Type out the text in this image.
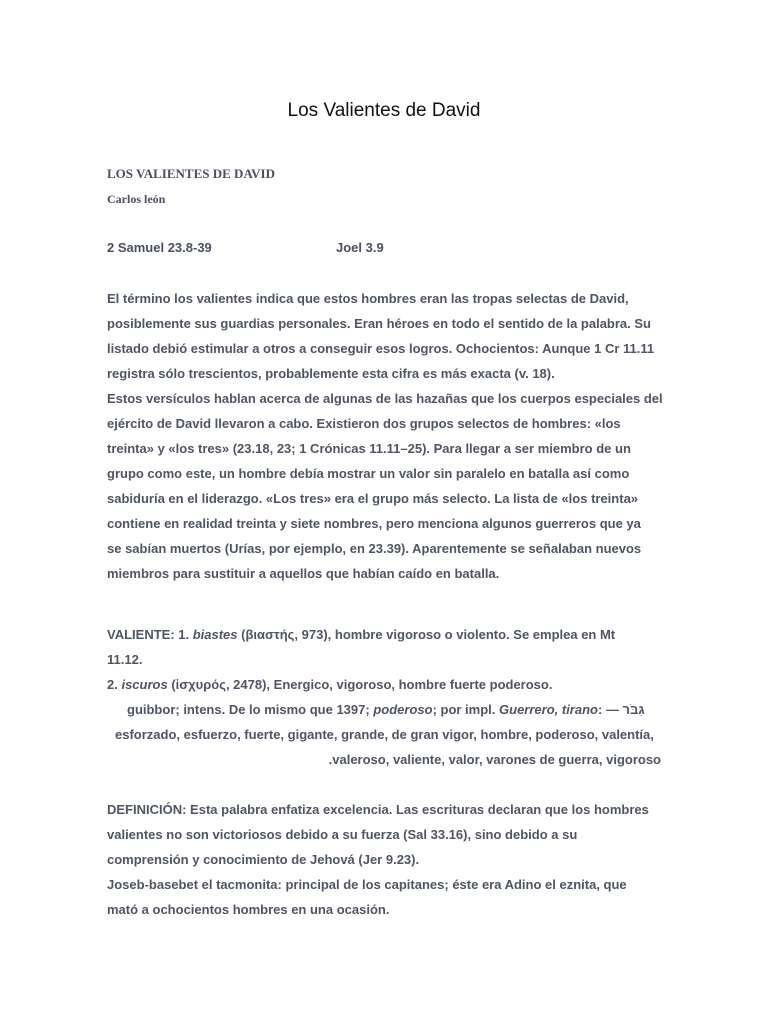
Los Valientes de David
LOS VALIENTES DE DAVID
Carlos león
2 Samuel 23.8-39	Joel 3.9

El término los valientes indica que estos hombres eran las tropas selectas de David,

posiblemente sus guardias personales. Eran héroes en todo el sentido de la palabra. Su

listado debió estimular a otros a conseguir esos logros. Ochocientos: Aunque 1 Cr 11.11

registra sólo trescientos, probablemente esta cifra es más exacta (v. 18).

Estos versículos hablan acerca de algunas de las hazañas que los cuerpos especiales del

ejército de David llevaron a cabo. Existieron dos grupos selectos de hombres: «los

treinta» y «los tres» (23.18, 23; 1 Crónicas 11.11–25). Para llegar a ser miembro de un

grupo como este, un hombre debía mostrar un valor sin paralelo en batalla así como

sabiduría en el liderazgo. «Los tres» era el grupo más selecto. La lista de «los treinta»

contiene en realidad treinta y siete nombres, pero menciona algunos guerreros que ya

se sabían muertos (Urías, por ejemplo, en 23.39). Aparentemente se señalaban nuevos

miembros para sustituir a aquellos que habían caído en batalla.

VALIENTE: 1. biastes (βιαστής, 973), hombre vigoroso o violento. Se emplea en Mt

11.12.

2. iscuros (ἰσχυρός, 2478), Energico, vigoroso, hombre fuerte poderoso.

guibbor; intens. De lo mismo que 1397; poderoso; por impl. Guerrero, tirano: — גִּבֹּר

esforzado, esfuerzo, fuerte, gigante, grande, de gran vigor, hombre, poderoso, valentía,

.valeroso, valiente, valor, varones de guerra, vigoroso

DEFINICIÓN: Esta palabra enfatiza excelencia. Las escrituras declaran que los hombres

valientes no son victoriosos debido a su fuerza (Sal 33.16), sino debido a su

comprensión y conocimiento de Jehová (Jer 9.23).

Joseb-basebet el tacmonita: principal de los capitanes; éste era Adino el eznita, que

mató a ochocientos hombres en una ocasión.
